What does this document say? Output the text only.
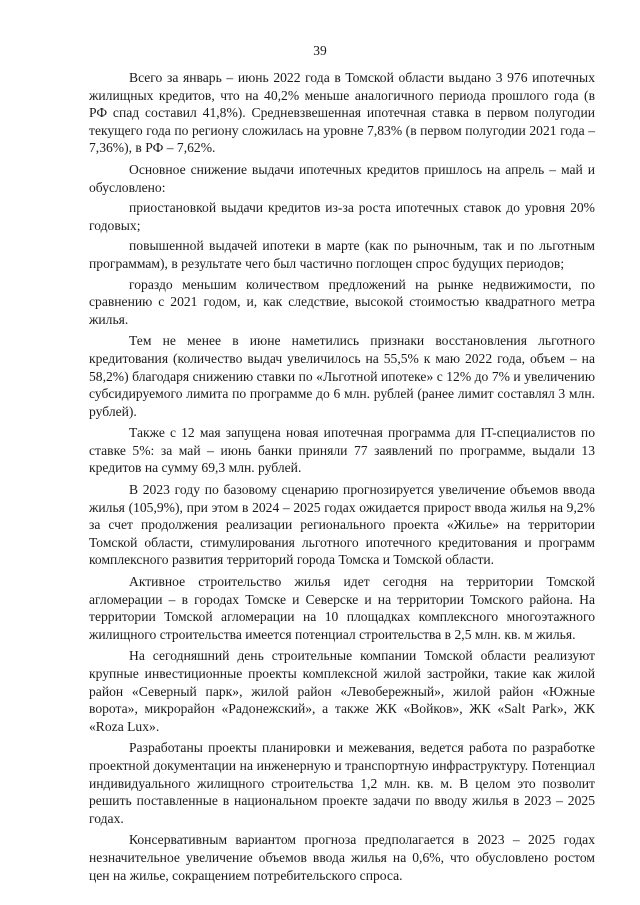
39

Всего за январь – июнь 2022 года в Томской области выдано 3 976 ипотечных жилищных кредитов, что на 40,2% меньше аналогичного периода прошлого года (в РФ спад составил 41,8%). Средневзвешенная ипотечная ставка в первом полугодии текущего года по региону сложилась на уровне 7,83% (в первом полугодии 2021 года – 7,36%), в РФ – 7,62%.

Основное снижение выдачи ипотечных кредитов пришлось на апрель – май и обусловлено:

приостановкой выдачи кредитов из-за роста ипотечных ставок до уровня 20% годовых;

повышенной выдачей ипотеки в марте (как по рыночным, так и по льготным программам), в результате чего был частично поглощен спрос будущих периодов;

гораздо меньшим количеством предложений на рынке недвижимости, по сравнению с 2021 годом, и, как следствие, высокой стоимостью квадратного метра жилья.

Тем не менее в июне наметились признаки восстановления льготного кредитования (количество выдач увеличилось на 55,5% к маю 2022 года, объем – на 58,2%) благодаря снижению ставки по «Льготной ипотеке» с 12% до 7% и увеличению субсидируемого лимита по программе до 6 млн. рублей (ранее лимит составлял 3 млн. рублей).

Также с 12 мая запущена новая ипотечная программа для IT-специалистов по ставке 5%: за май – июнь банки приняли 77 заявлений по программе, выдали 13 кредитов на сумму 69,3 млн. рублей.

В 2023 году по базовому сценарию прогнозируется увеличение объемов ввода жилья (105,9%), при этом в 2024 – 2025 годах ожидается прирост ввода жилья на 9,2% за счет продолжения реализации регионального проекта «Жилье» на территории Томской области, стимулирования льготного ипотечного кредитования и программ комплексного развития территорий города Томска и Томской области.

Активное строительство жилья идет сегодня на территории Томской агломерации – в городах Томске и Северске и на территории Томского района. На территории Томской агломерации на 10 площадках комплексного многоэтажного жилищного строительства имеется потенциал строительства в 2,5 млн. кв. м жилья.

На сегодняшний день строительные компании Томской области реализуют крупные инвестиционные проекты комплексной жилой застройки, такие как жилой район «Северный парк», жилой район «Левобережный», жилой район «Южные ворота», микрорайон «Радонежский», а также ЖК «Войков», ЖК «Salt Park», ЖК «Roza Lux».

Разработаны проекты планировки и межевания, ведется работа по разработке проектной документации на инженерную и транспортную инфраструктуру. Потенциал индивидуального жилищного строительства 1,2 млн. кв. м. В целом это позволит решить поставленные в национальном проекте задачи по вводу жилья в 2023 – 2025 годах.

Консервативным вариантом прогноза предполагается в 2023 – 2025 годах незначительное увеличение объемов ввода жилья на 0,6%, что обусловлено ростом цен на жилье, сокращением потребительского спроса.
